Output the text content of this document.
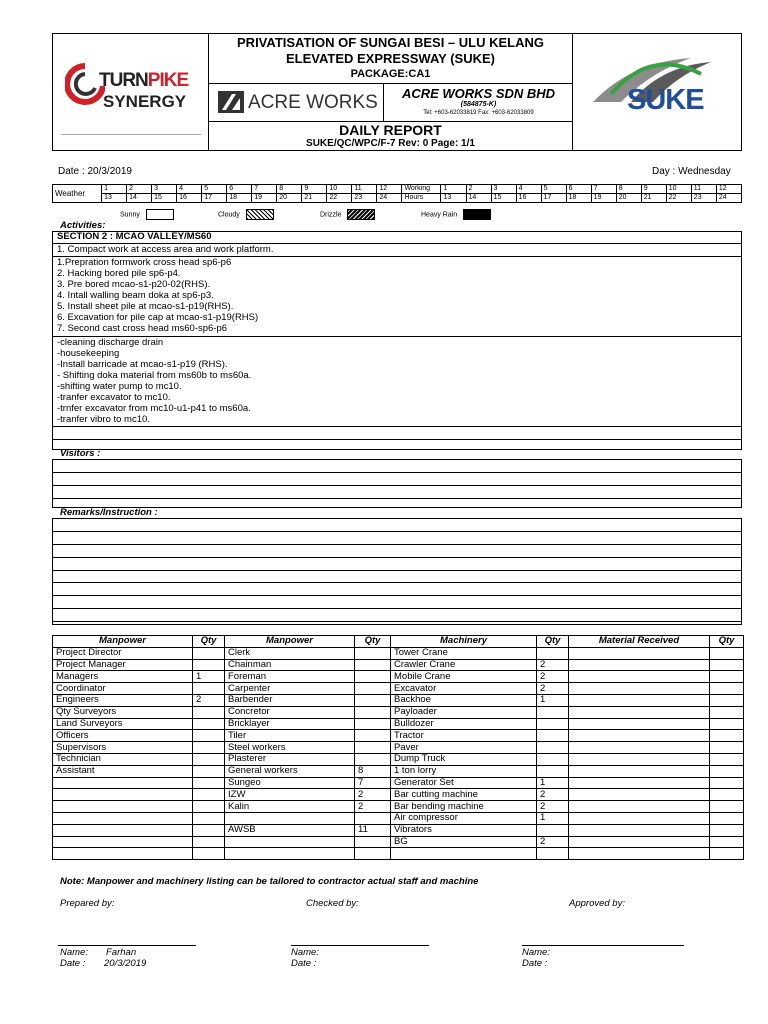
TURNPIKE
SYNERGY
PRIVATISATION OF SUNGAI BESI – ULU KELANG
ELEVATED EXPRESSWAY (SUKE)
PACKAGE:CA1
ACRE WORKS	ACRE WORKS SDN BHD
(584875-K)
Tel: +603-62033819 Fax: +603-62033809
DAILY REPORT
SUKE/QC/WPC/F-7 Rev: 0 Page: 1/1
SUKE
Date : 20/3/2019	Day : Wednesday
Weather	1	2	3	4	5	6	7	8	9	10	11	12	Working	1	2	3	4	5	6	7	8	9	10	11	12
	13	14	15	16	17	18	19	20	21	22	23	24	Hours	13	14	15	16	17	18	19	20	21	22	23	24
Sunny	Cloudy	Drizzle	Heavy Rain
Activities:
SECTION 2 : MCAO VALLEY/MS60
1. Compact work at access area and work platform.
1.Prepration formwork cross head sp6-p6
2. Hacking bored pile sp6-p4.
3. Pre bored mcao-s1-p20-02(RHS).
4. Intall walling beam doka at sp6-p3.
5. Install sheet pile at mcao-s1-p19(RHS).
6. Excavation for pile cap at mcao-s1-p19(RHS)
7. Second cast cross head ms60-sp6-p6
-cleaning discharge drain
-housekeeping
-Install barricade at mcao-s1-p19 (RHS).
- Shifting doka material from ms60b to ms60a.
-shifting water pump to mc10.
-tranfer excavator to mc10.
-trnfer excavator from mc10-u1-p41 to ms60a.
-tranfer vibro to mc10.
Visitors :
Remarks/Instruction :
Manpower	Qty	Manpower	Qty	Machinery	Qty	Material Received	Qty
Project Director		Clerk		Tower Crane			
Project Manager		Chainman		Crawler Crane	2		
Managers	1	Foreman		Mobile Crane	2		
Coordinator		Carpenter		Excavator	2		
Engineers	2	Barbender		Backhoe	1		
Qty Surveyors		Concretor		Payloader			
Land Surveyors		Bricklayer		Bulldozer			
Officers		Tiler		Tractor			
Supervisors		Steel workers		Paver			
Technician		Plasterer		Dump Truck			
Assistant		General workers	8	1 ton lorry			
		Sungeo	7	Generator Set	1		
		IZW	2	Bar cutting machine	2		
		Kalin	2	Bar bending machine	2		
				Air compressor	1		
		AWSB	11	Vibrators			
				BG	2		

Note: Manpower and machinery listing can be tailored to contractor actual staff and machine
Prepared by:	Checked by:	Approved by:
Name: Farhan
Date : 20/3/2019
Name:
Date :
Name:
Date :
